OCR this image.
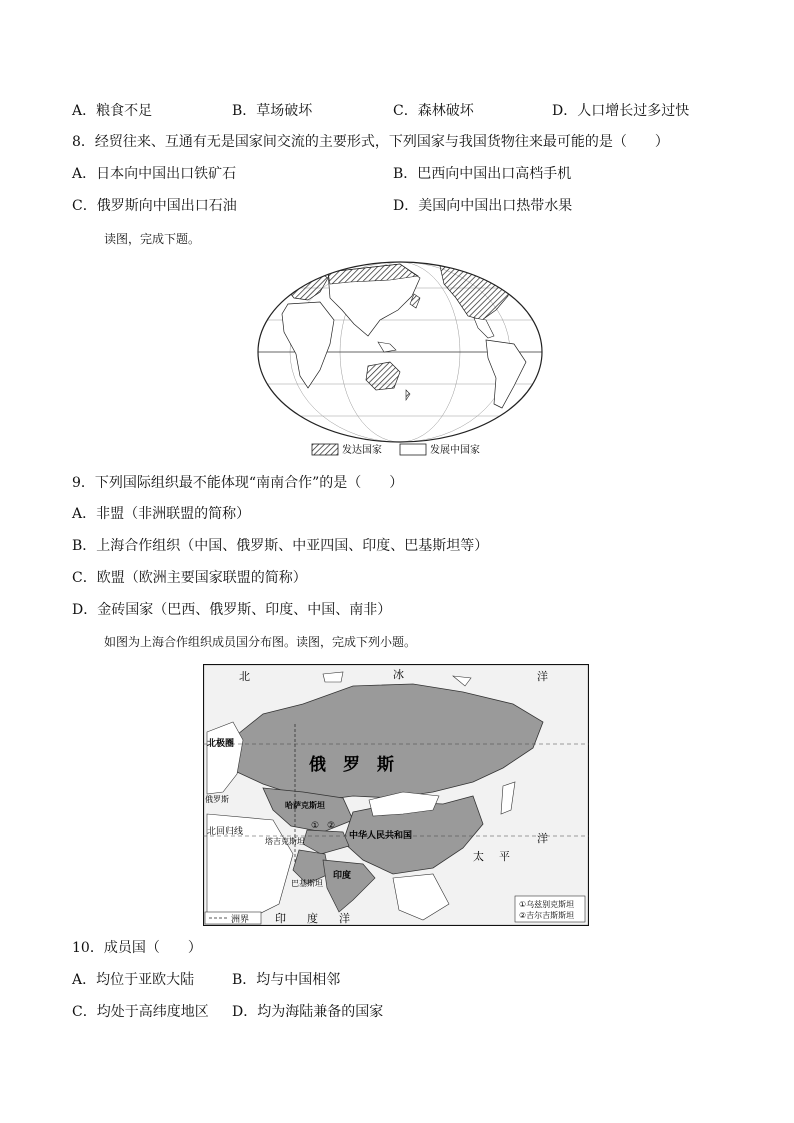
A．粮食不足	B．草场破坏	C．森林破坏	D．人口增长过多过快
8．经贸往来、互通有无是国家间交流的主要形式，下列国家与我国货物往来最可能的是（　　）
A．日本向中国出口铁矿石	B．巴西向中国出口高档手机
C．俄罗斯向中国出口石油	D．美国向中国出口热带水果
读图，完成下题。
发达国家	发展中国家
9．下列国际组织最不能体现“南南合作”的是（　　）
A．非盟（非洲联盟的简称）
B．上海合作组织（中国、俄罗斯、中亚四国、印度、巴基斯坦等）
C．欧盟（欧洲主要国家联盟的简称）
D．金砖国家（巴西、俄罗斯、印度、中国、南非）
如图为上海合作组织成员国分布图。读图，完成下列小题。
北	冰	洋
北极圈
俄　罗　斯
俄罗斯
哈萨克斯坦
① ②
中华人民共和国
塔吉克斯坦
北回归线
巴基斯坦
印度
太 平
洋
印 度 洋
洲界
①乌兹别克斯坦
②吉尔吉斯斯坦
10．成员国（　　）
A．均位于亚欧大陆	B．均与中国相邻
C．均处于高纬度地区 D．均为海陆兼备的国家
